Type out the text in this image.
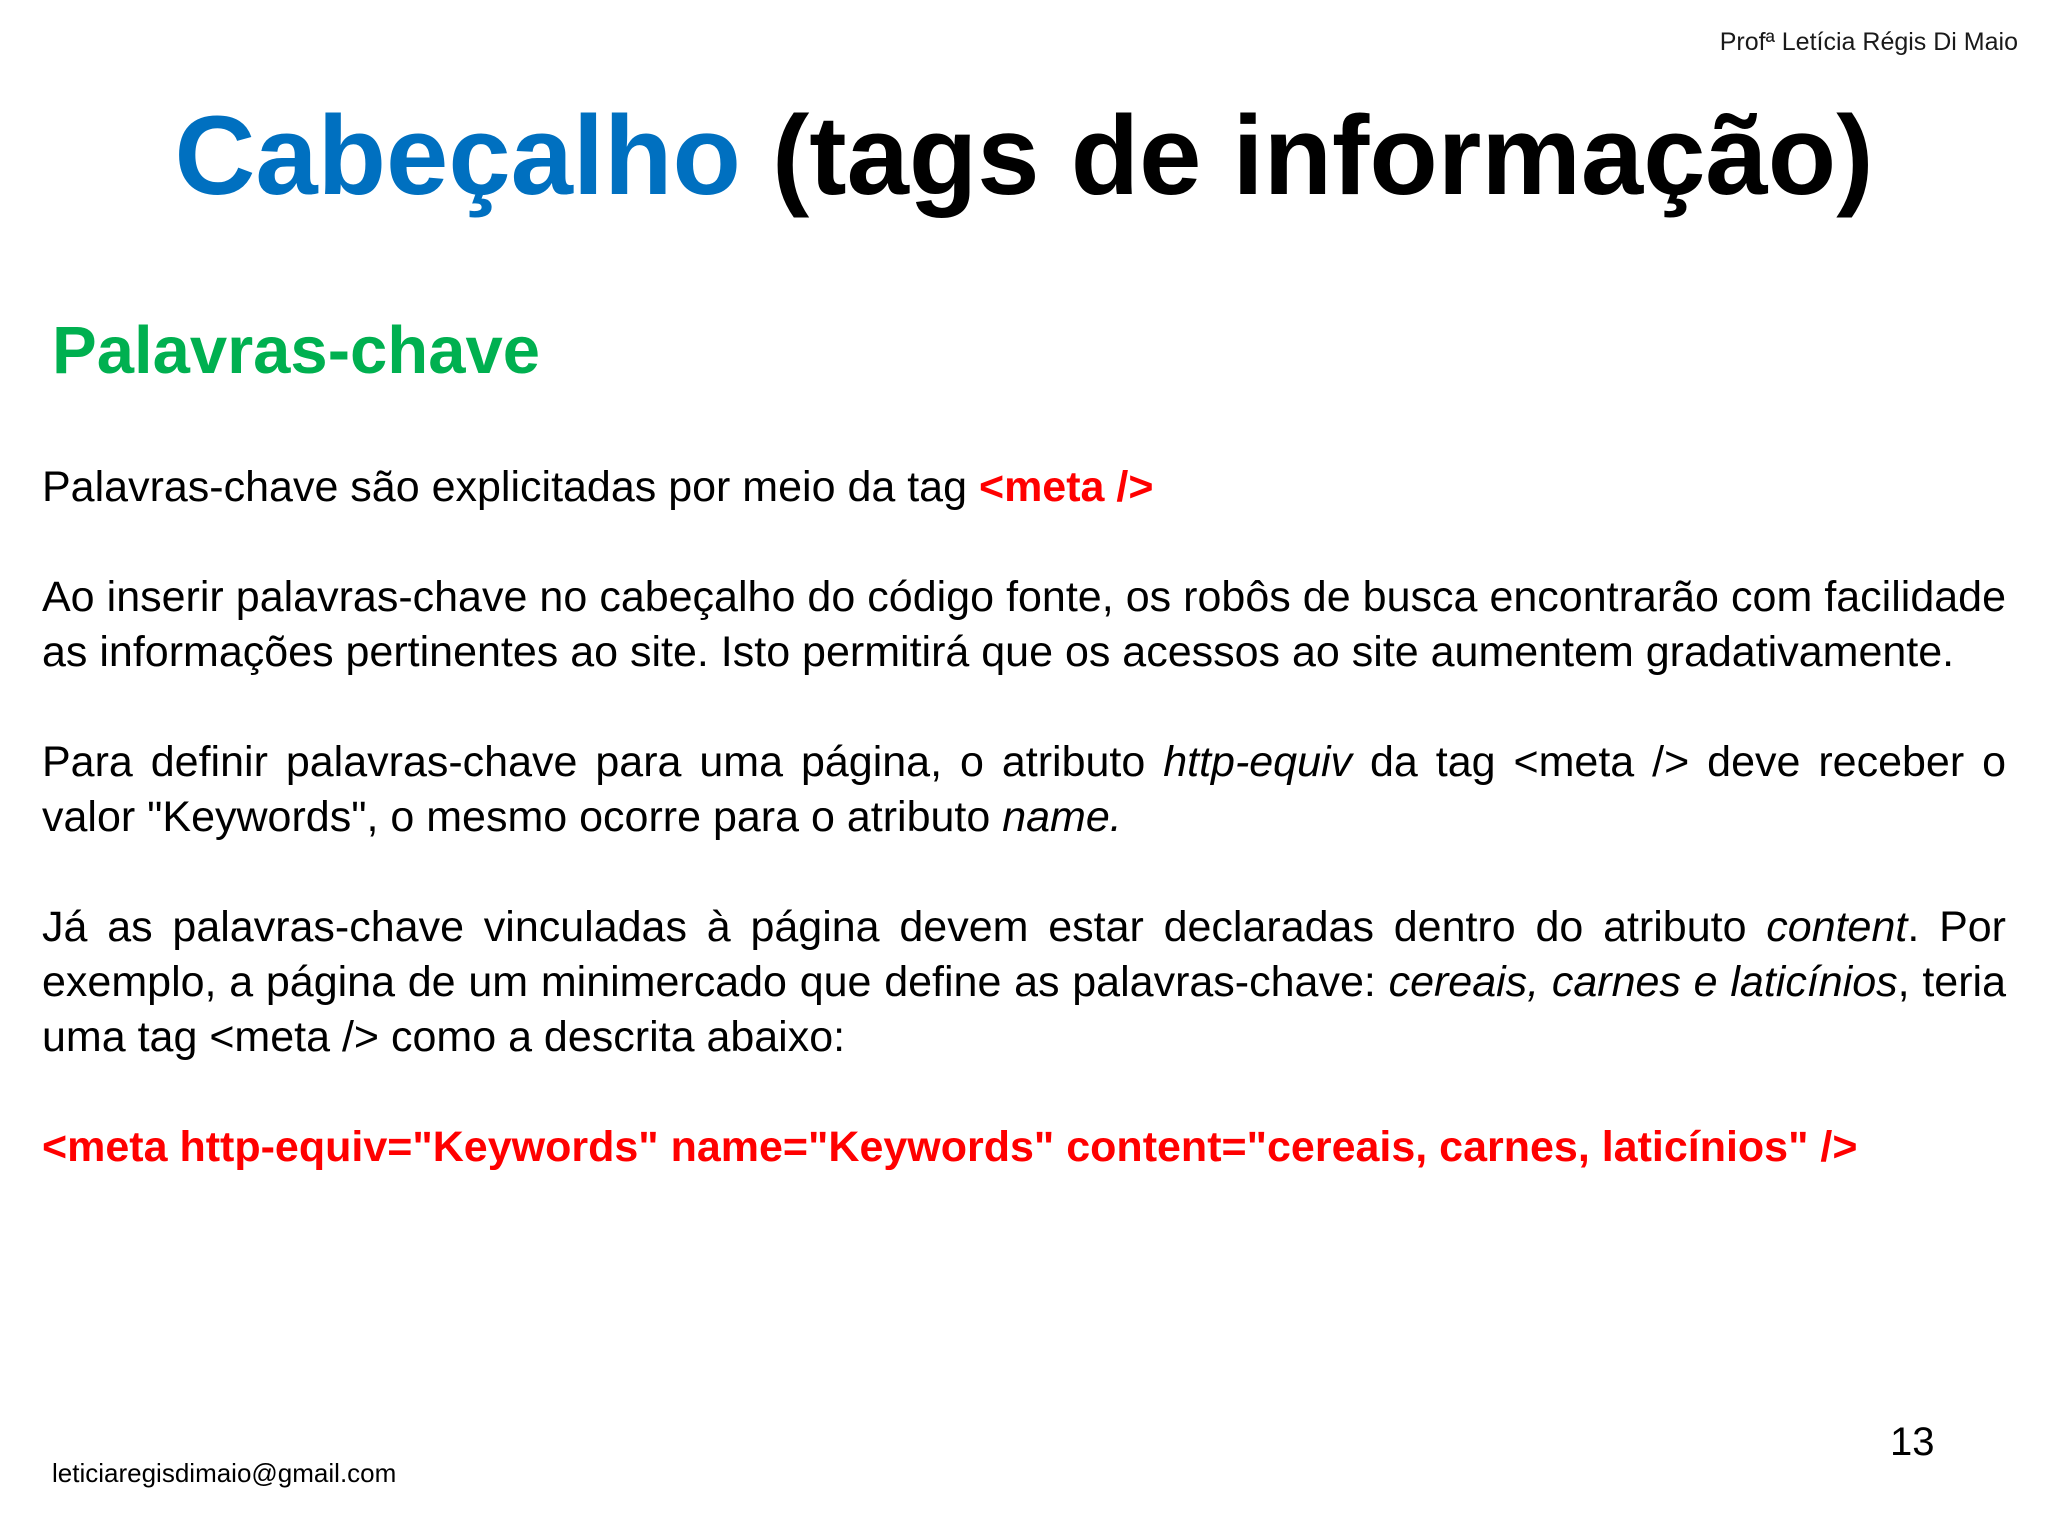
Profª Letícia Régis Di Maio
Cabeçalho (tags de informação)
Palavras-chave

Palavras-chave são explicitadas por meio da tag <meta />

Ao inserir palavras-chave no cabeçalho do código fonte, os robôs de busca encontrarão com facilidade as informações pertinentes ao site. Isto permitirá que os acessos ao site aumentem gradativamente.

Para definir palavras-chave para uma página, o atributo http-equiv da tag <meta /> deve receber o valor "Keywords", o mesmo ocorre para o atributo name.

Já as palavras-chave vinculadas à página devem estar declaradas dentro do atributo content. Por exemplo, a página de um minimercado que define as palavras-chave: cereais, carnes e laticínios, teria uma tag <meta /> como a descrita abaixo:

<meta http-equiv="Keywords" name="Keywords" content="cereais, carnes, laticínios" />

13
leticiaregisdimaio@gmail.com
